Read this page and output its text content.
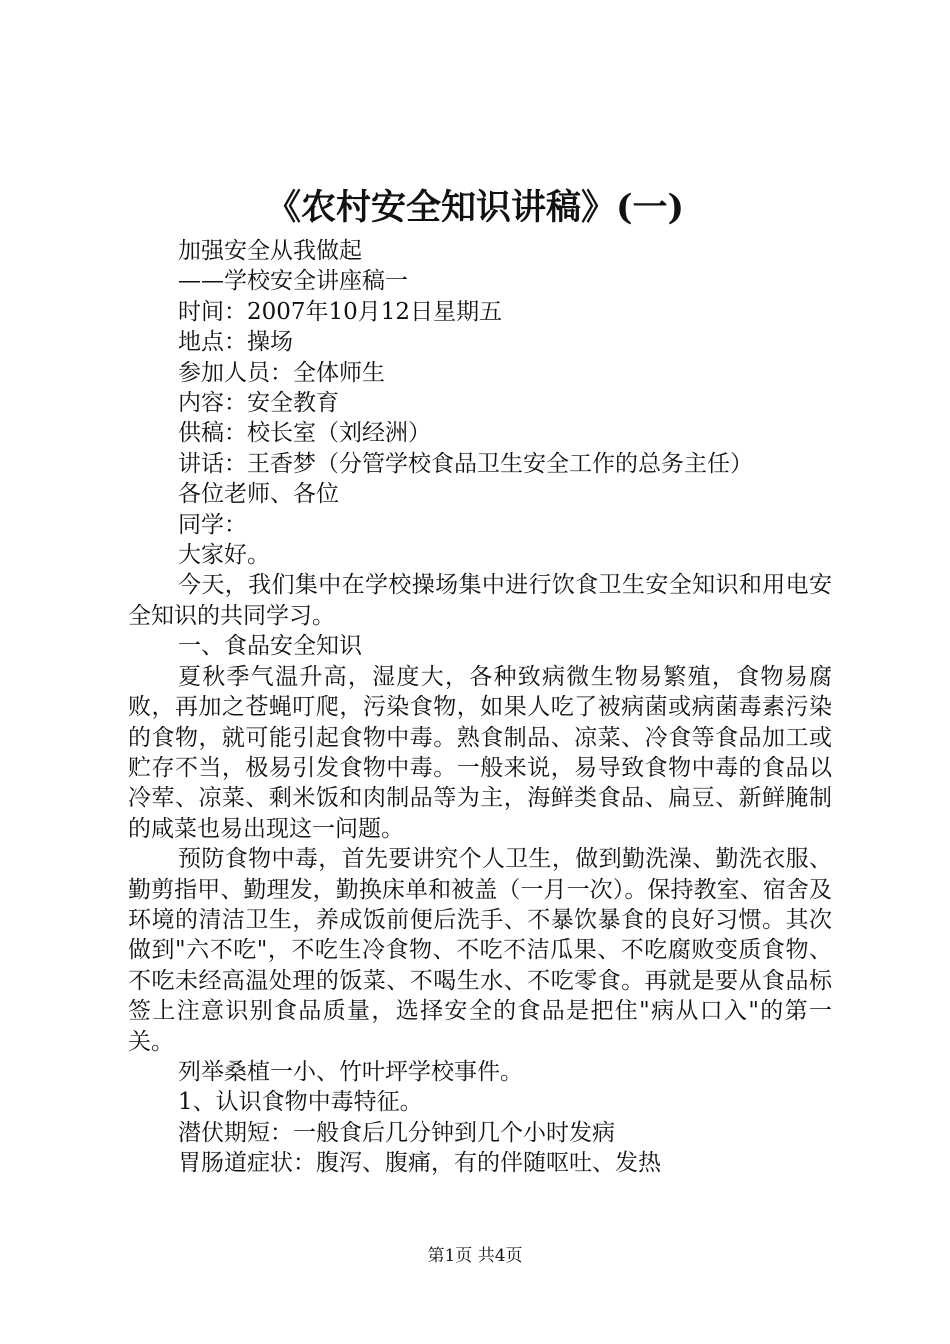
《农村安全知识讲稿》(一)

加强安全从我做起

——学校安全讲座稿一

时间：2007年10月12日星期五

地点：操场

参加人员：全体师生

内容：安全教育

供稿：校长室（刘经洲）

讲话：王香梦（分管学校食品卫生安全工作的总务主任）

各位老师、各位

同学：

大家好。

今天，我们集中在学校操场集中进行饮食卫生安全知识和用电安全知识的共同学习。

一、食品安全知识

夏秋季气温升高，湿度大，各种致病微生物易繁殖，食物易腐败，再加之苍蝇叮爬，污染食物，如果人吃了被病菌或病菌毒素污染的食物，就可能引起食物中毒。熟食制品、凉菜、冷食等食品加工或贮存不当，极易引发食物中毒。一般来说，易导致食物中毒的食品以冷荤、凉菜、剩米饭和肉制品等为主，海鲜类食品、扁豆、新鲜腌制的咸菜也易出现这一问题。

预防食物中毒，首先要讲究个人卫生，做到勤洗澡、勤洗衣服、勤剪指甲、勤理发，勤换床单和被盖（一月一次）。保持教室、宿舍及环境的清洁卫生，养成饭前便后洗手、不暴饮暴食的良好习惯。其次做到"六不吃"，不吃生冷食物、不吃不洁瓜果、不吃腐败变质食物、不吃未经高温处理的饭菜、不喝生水、不吃零食。再就是要从食品标签上注意识别食品质量，选择安全的食品是把住"病从口入"的第一关。

列举桑植一小、竹叶坪学校事件。

1、认识食物中毒特征。

潜伏期短：一般食后几分钟到几个小时发病

胃肠道症状：腹泻、腹痛，有的伴随呕吐、发热

第1页 共4页
